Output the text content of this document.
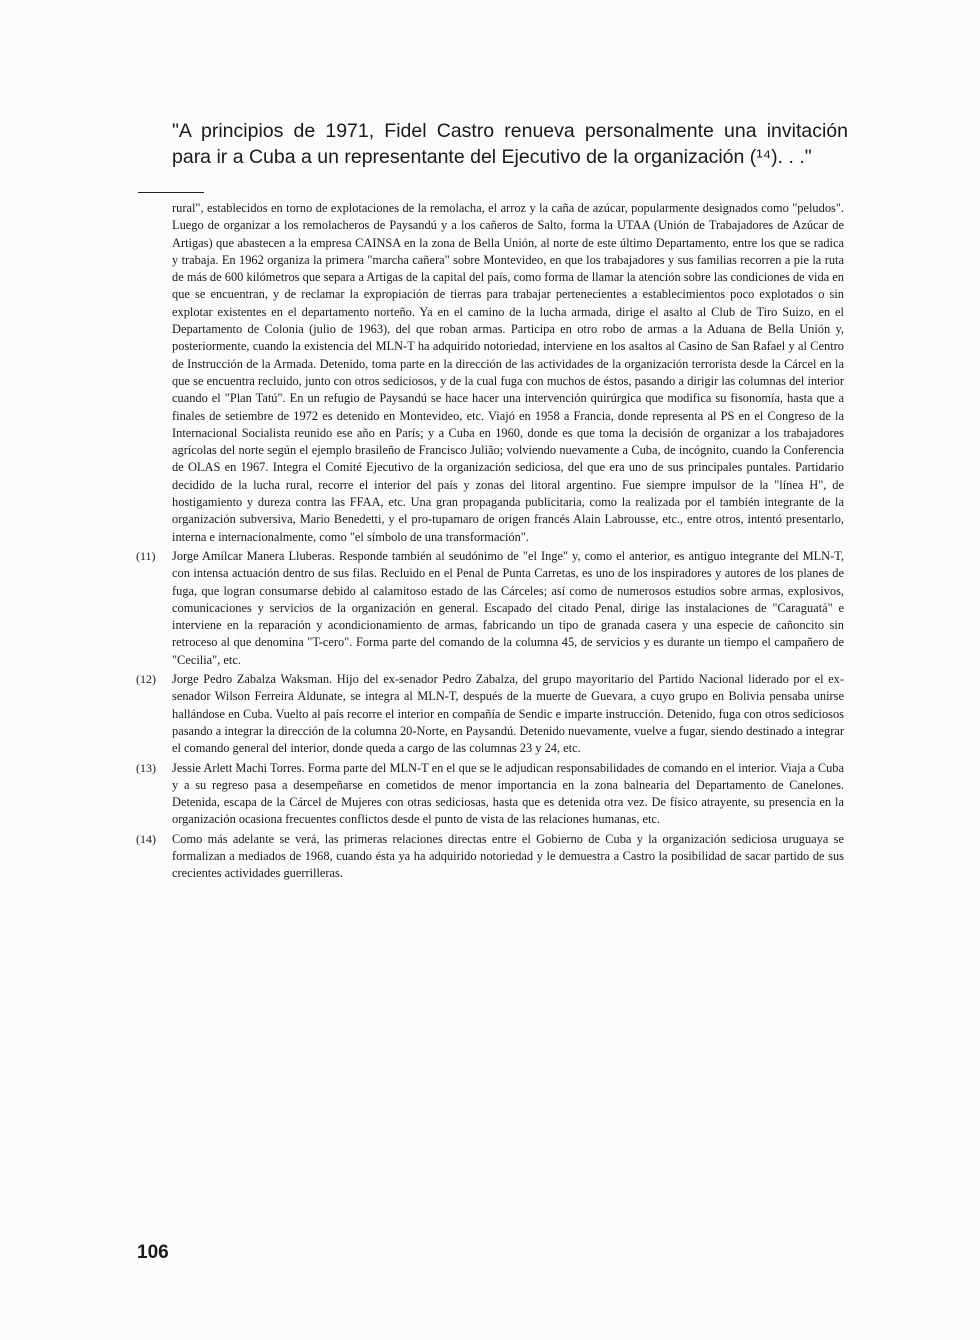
"A principios de 1971, Fidel Castro renueva personalmente una invitación para ir a Cuba a un representante del Ejecutivo de la organización (¹⁴). . ."

rural", establecidos en torno de explotaciones de la remolacha, el arroz y la caña de azúcar, popularmente designados como "peludos". Luego de organizar a los remolacheros de Paysandú y a los cañeros de Salto, forma la UTAA (Unión de Trabajadores de Azúcar de Artigas) que abastecen a la empresa CAINSA en la zona de Bella Unión, al norte de este último Departamento, entre los que se radica y trabaja. En 1962 organiza la primera "marcha cañera" sobre Montevideo, en que los trabajadores y sus familias recorren a pie la ruta de más de 600 kilómetros que separa a Artigas de la capital del país, como forma de llamar la atención sobre las condiciones de vida en que se encuentran, y de reclamar la expropiación de tierras para trabajar pertenecientes a establecimientos poco explotados o sin explotar existentes en el departamento norteño. Ya en el camino de la lucha armada, dirige el asalto al Club de Tiro Suizo, en el Departamento de Colonia (julio de 1963), del que roban armas. Participa en otro robo de armas a la Aduana de Bella Unión y, posteriormente, cuando la existencia del MLN-T ha adquirido notoriedad, interviene en los asaltos al Casino de San Rafael y al Centro de Instrucción de la Armada. Detenido, toma parte en la dirección de las actividades de la organización terrorista desde la Cárcel en la que se encuentra recluido, junto con otros sediciosos, y de la cual fuga con muchos de éstos, pasando a dirigir las columnas del interior cuando el "Plan Tatú". En un refugio de Paysandú se hace hacer una intervención quirúrgica que modifica su fisonomía, hasta que a finales de setiembre de 1972 es detenido en Montevideo, etc. Viajó en 1958 a Francia, donde representa al PS en el Congreso de la Internacional Socialista reunido ese año en París; y a Cuba en 1960, donde es que toma la decisión de organizar a los trabajadores agrícolas del norte según el ejemplo brasileño de Francisco Julião; volviendo nuevamente a Cuba, de incógnito, cuando la Conferencia de OLAS en 1967. Integra el Comité Ejecutivo de la organización sediciosa, del que era uno de sus principales puntales. Partidario decidido de la lucha rural, recorre el interior del país y zonas del litoral argentino. Fue siempre impulsor de la "línea H", de hostigamiento y dureza contra las FFAA, etc. Una gran propaganda publicitaria, como la realizada por el también integrante de la organización subversiva, Mario Benedetti, y el pro-tupamaro de origen francés Alain Labrousse, etc., entre otros, intentó presentarlo, interna e internacionalmente, como "el símbolo de una transformación".

(11)	Jorge Amílcar Manera Lluberas. Responde también al seudónimo de "el Inge" y, como el anterior, es antiguo integrante del MLN-T, con intensa actuación dentro de sus filas. Recluido en el Penal de Punta Carretas, es uno de los inspiradores y autores de los planes de fuga, que logran consumarse debido al calamitoso estado de las Cárceles; así como de numerosos estudios sobre armas, explosivos, comunicaciones y servicios de la organización en general. Escapado del citado Penal, dirige las instalaciones de "Caraguatá" e interviene en la reparación y acondicionamiento de armas, fabricando un tipo de granada casera y una especie de cañoncito sin retroceso al que denomina "T-cero". Forma parte del comando de la columna 45, de servicios y es durante un tiempo el campañero de "Cecilia", etc.
(12)	Jorge Pedro Zabalza Waksman. Hijo del ex-senador Pedro Zabalza, del grupo mayoritario del Partido Nacional liderado por el ex-senador Wilson Ferreira Aldunate, se integra al MLN-T, después de la muerte de Guevara, a cuyo grupo en Bolivia pensaba unirse hallándose en Cuba. Vuelto al país recorre el interior en compañía de Sendic e imparte instrucción. Detenido, fuga con otros sediciosos pasando a integrar la dirección de la columna 20-Norte, en Paysandú. Detenido nuevamente, vuelve a fugar, siendo destinado a integrar el comando general del interior, donde queda a cargo de las columnas 23 y 24, etc.
(13)	Jessie Arlett Machi Torres. Forma parte del MLN-T en el que se le adjudican responsabilidades de comando en el interior. Viaja a Cuba y a su regreso pasa a desempeñarse en cometidos de menor importancia en la zona balnearia del Departamento de Canelones. Detenida, escapa de la Cárcel de Mujeres con otras sediciosas, hasta que es detenida otra vez. De físico atrayente, su presencia en la organización ocasiona frecuentes conflictos desde el punto de vista de las relaciones humanas, etc.
(14)	Como más adelante se verá, las primeras relaciones directas entre el Gobierno de Cuba y la organización sediciosa uruguaya se formalizan a mediados de 1968, cuando ésta ya ha adquirido notoriedad y le demuestra a Castro la posibilidad de sacar partido de sus crecientes actividades guerrilleras.
106
